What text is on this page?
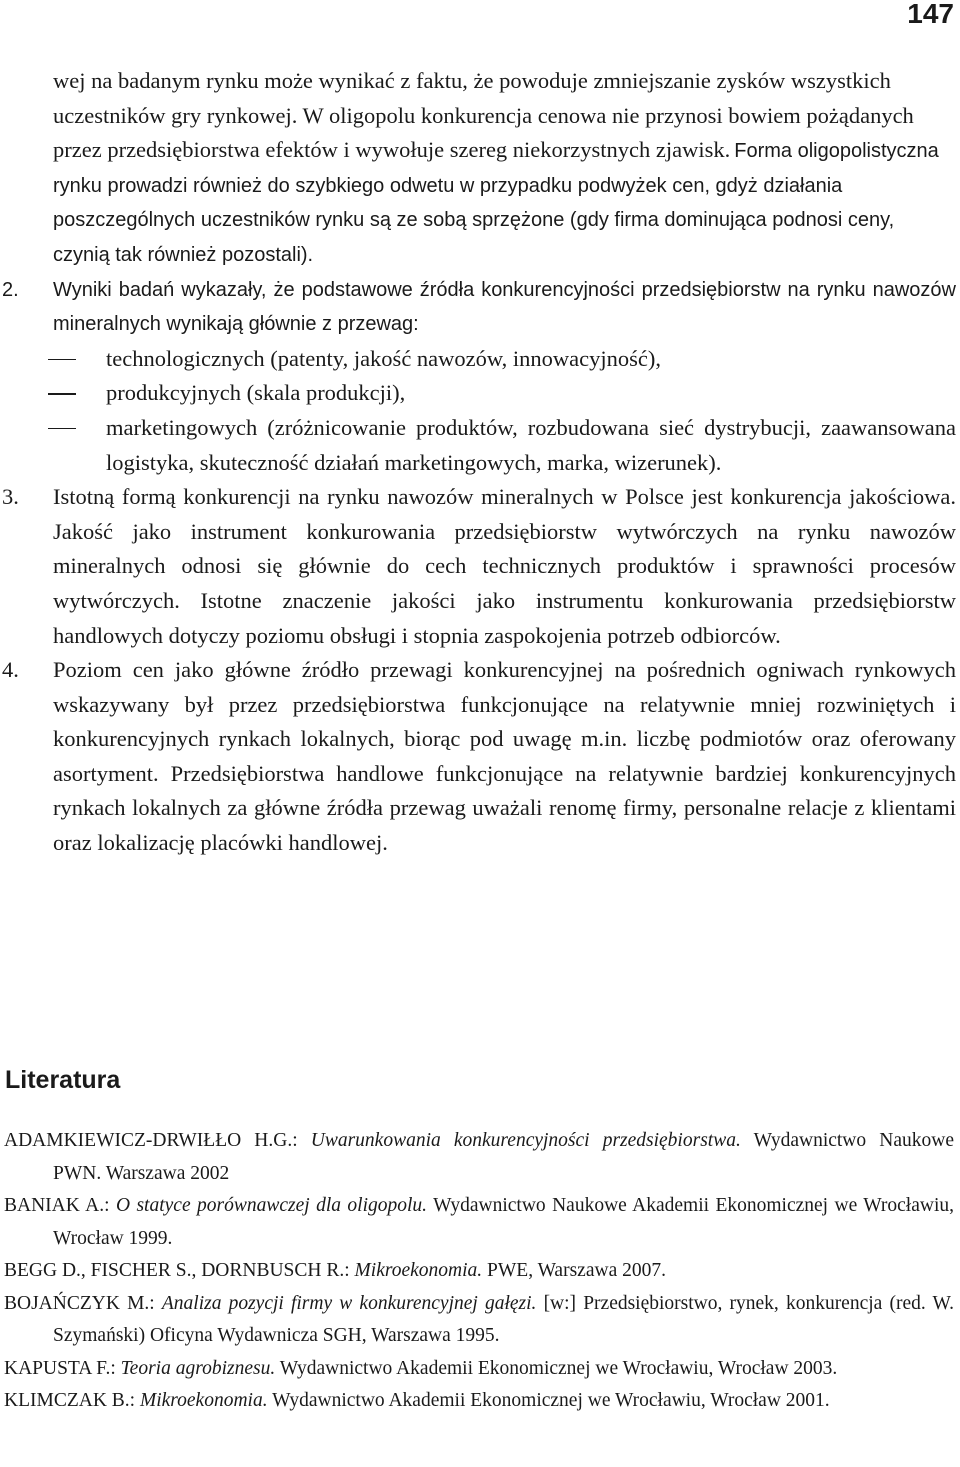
147

wej na badanym rynku może wynikać z faktu, że powoduje zmniejszanie zysków wszystkich uczestników gry rynkowej. W oligopolu konkurencja cenowa nie przynosi bowiem pożądanych przez przedsiębiorstwa efektów i wywołuje szereg niekorzystnych zjawisk. Forma oligopolistyczna rynku prowadzi również do szybkiego odwetu w przypadku podwyżek cen, gdyż działania poszczególnych uczestników rynku są ze sobą sprzężone (gdy firma dominująca podnosi ceny, czynią tak również pozostali).

2. Wyniki badań wykazały, że podstawowe źródła konkurencyjności przedsiębiorstw na rynku nawozów mineralnych wynikają głównie z przewag:
technologicznych (patenty, jakość nawozów, innowacyjność),
produkcyjnych (skala produkcji),
marketingowych (zróżnicowanie produktów, rozbudowana sieć dystrybucji, zaawansowana logistyka, skuteczność działań marketingowych, marka, wizerunek).
3. Istotną formą konkurencji na rynku nawozów mineralnych w Polsce jest konkurencja jakościowa. Jakość jako instrument konkurowania przedsiębiorstw wytwórczych na rynku nawozów mineralnych odnosi się głównie do cech technicznych produktów i sprawności procesów wytwórczych. Istotne znaczenie jakości jako instrumentu konkurowania przedsiębiorstw handlowych dotyczy poziomu obsługi i stopnia zaspokojenia potrzeb odbiorców.
4. Poziom cen jako główne źródło przewagi konkurencyjnej na pośrednich ogniwach rynkowych wskazywany był przez przedsiębiorstwa funkcjonujące na relatywnie mniej rozwiniętych i konkurencyjnych rynkach lokalnych, biorąc pod uwagę m.in. liczbę podmiotów oraz oferowany asortyment. Przedsiębiorstwa handlowe funkcjonujące na relatywnie bardziej konkurencyjnych rynkach lokalnych za główne źródła przewag uważali renomę firmy, personalne relacje z klientami oraz lokalizację placówki handlowej.
Literatura

ADAMKIEWICZ-DRWIŁŁO H.G.: Uwarunkowania konkurencyjności przedsiębiorstwa. Wydawnictwo Naukowe PWN. Warszawa 2002

BANIAK A.: O statyce porównawczej dla oligopolu. Wydawnictwo Naukowe Akademii Ekonomicznej we Wrocławiu, Wrocław 1999.

BEGG D., FISCHER S., DORNBUSCH R.: Mikroekonomia. PWE, Warszawa 2007.

BOJAŃCZYK M.: Analiza pozycji firmy w konkurencyjnej gałęzi. [w:] Przedsiębiorstwo, rynek, konkurencja (red. W. Szymański) Oficyna Wydawnicza SGH, Warszawa 1995.

KAPUSTA F.: Teoria agrobiznesu. Wydawnictwo Akademii Ekonomicznej we Wrocławiu, Wrocław 2003.

KLIMCZAK B.: Mikroekonomia. Wydawnictwo Akademii Ekonomicznej we Wrocławiu, Wrocław 2001.
